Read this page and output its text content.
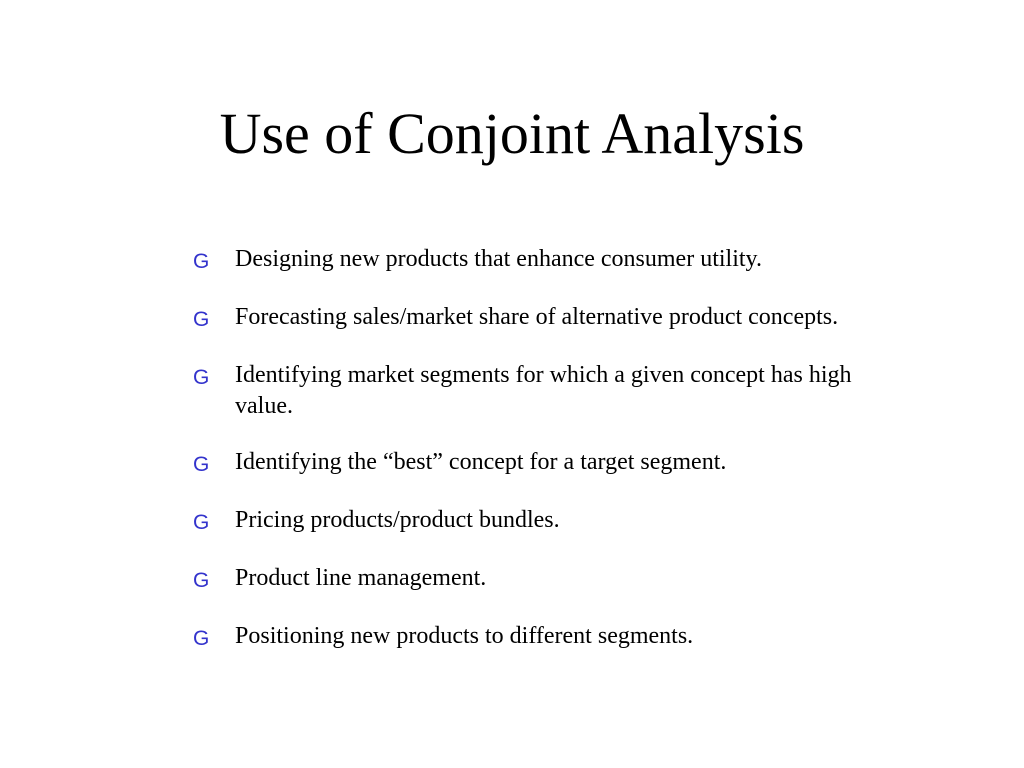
Use of Conjoint Analysis
G	Designing new products that enhance consumer utility.
G	Forecasting sales/market share of alternative product concepts.
G	Identifying market segments for which a given concept has high value.
G	Identifying the “best” concept for a target segment.
G	Pricing products/product bundles.
G	Product line management.
G	Positioning new products to different segments.
